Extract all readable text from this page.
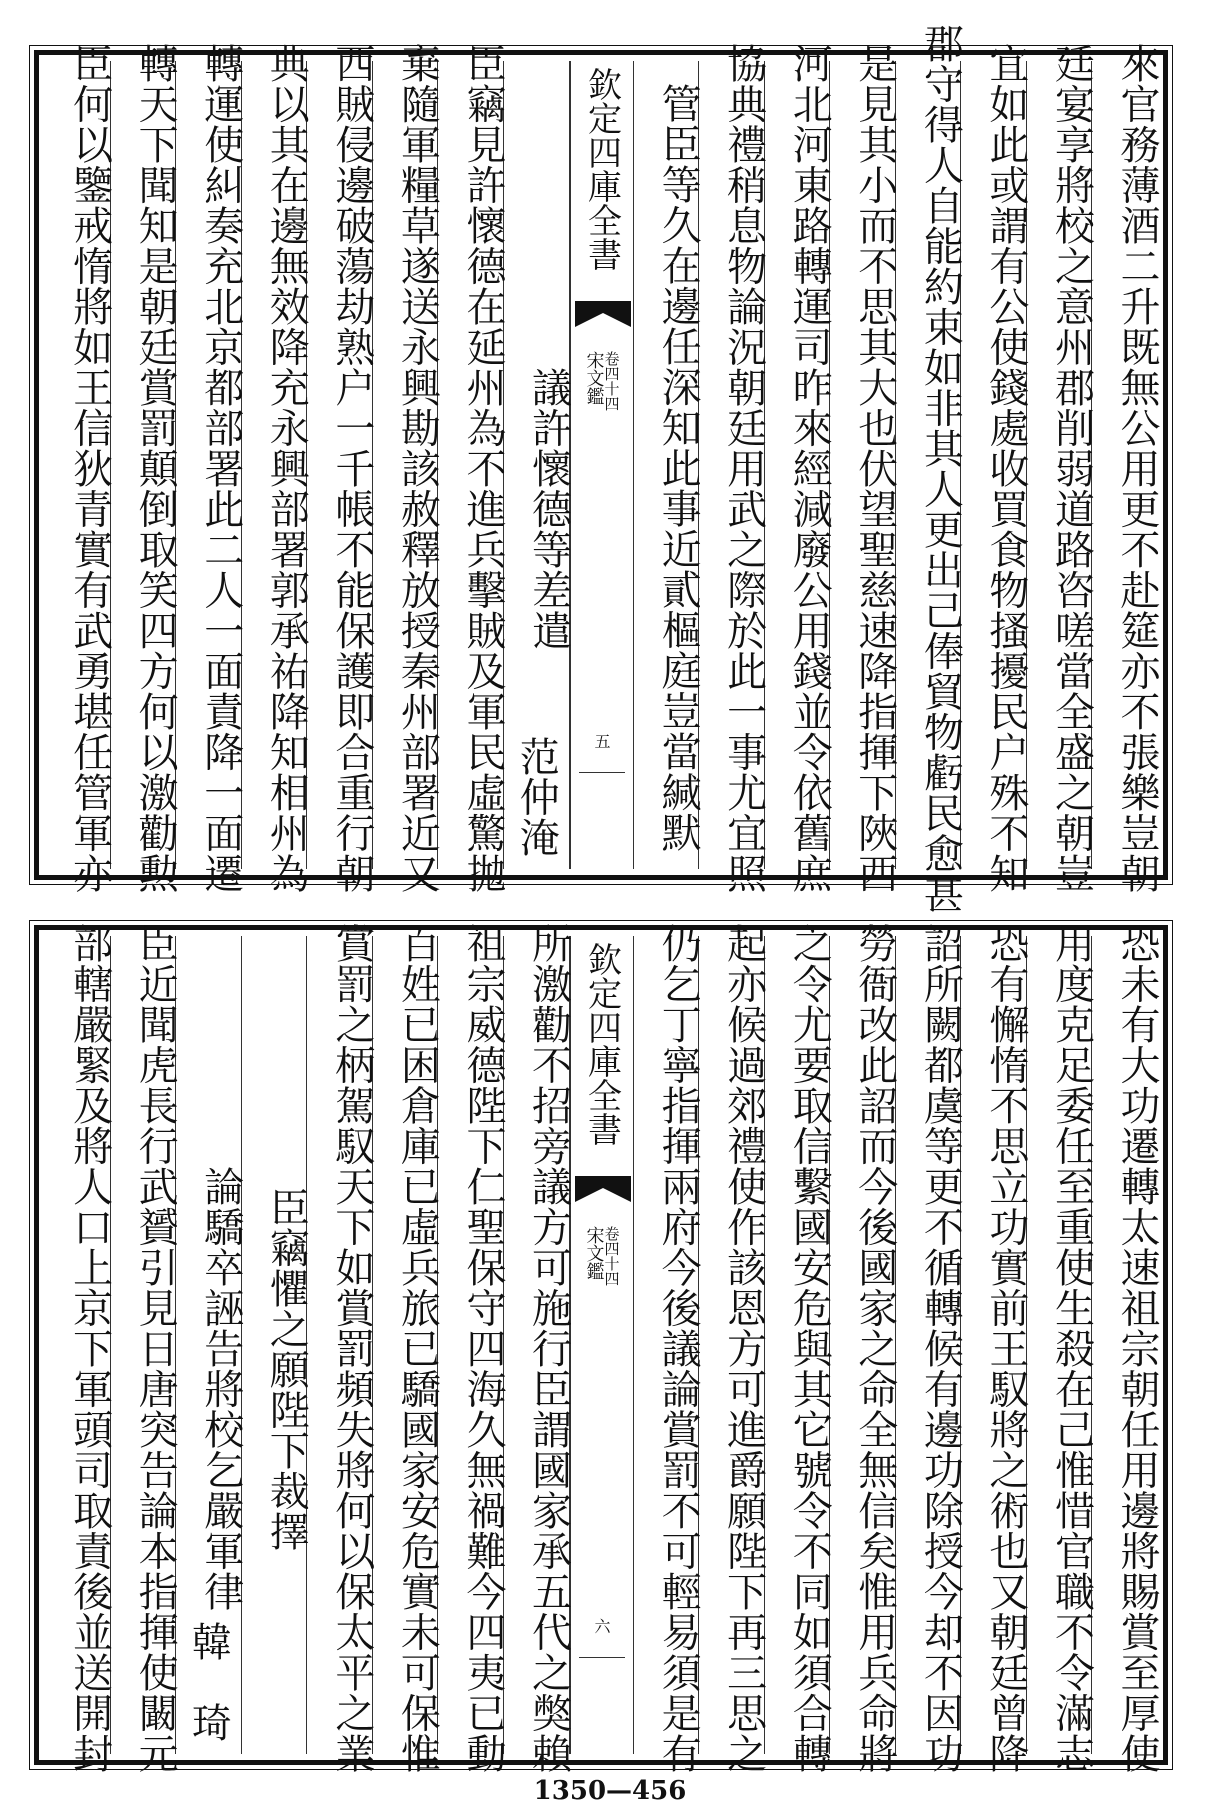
來官務薄酒二升既無公用更不赴筵亦不張樂豈朝
廷宴享將校之意州郡削弱道路咨嗟當全盛之朝豈
宜如此或謂有公使錢處收買食物搔擾民户殊不知
郡守得人自能約束如非其人更出己俸貿物虧民愈甚
是見其小而不思其大也伏望聖慈速降指揮下陜西
河北河東路轉運司昨來經減廢公用錢並令依舊庶
協典禮稍息物論況朝廷用武之際於此一事尤宜照
管臣等久在邊任深知此事近貳樞庭豈當緘默
欽定四庫全書
宋文鑑
卷四十四
五
議許懷德等差遣
范仲淹
臣竊見許懷德在延州為不進兵擊賊及軍民虛驚拋
棄隨軍糧草遂送永興勘該赦釋放授秦州部署近又
西賊侵邊破蕩劫熟户一千帳不能保護即合重行朝
典以其在邊無效降充永興部署郭承祐降知相州為
轉運使糾奏充北京都部署此二人一面責降一面遷
轉天下聞知是朝廷賞罰顛倒取笑四方何以激勸勲
臣何以鑒戒惰將如王信狄青實有武勇堪任管軍亦
恐未有大功遷轉太速祖宗朝任用邊將賜賞至厚使
用度克足委任至重使生殺在己惟惜官職不令滿志
恐有懈惰不思立功實前王馭將之術也又朝廷曾降
詔所闕都虞等更不循轉候有邊功除授今却不因功
勞衙改此詔而今後國家之命全無信矣惟用兵命將
之令尤要取信繫國安危與其它號令不同如須合轉
起亦候過郊禮使作該恩方可進爵願陛下再三思之
仍乞丁寧指揮兩府今後議論賞罰不可輕易須是有
欽定四庫全書
宋文鑑
卷四十四
六
所激勸不招旁議方可施行臣謂國家承五代之獘賴
祖宗威德陛下仁聖保守四海久無禍難今四夷已動
百姓已困倉庫已虛兵旅已驕國家安危實未可保惟
賞罰之柄駕馭天下如賞罰頻失將何以保太平之業
臣竊懼之願陛下裁擇
論驕卒誣告將校乞嚴軍律
韓　琦
臣近聞虎長行武贇引見日唐突告論本指揮使闞元
部轄嚴緊及將人口上京下軍頭司取責後並送開封
1350—456
